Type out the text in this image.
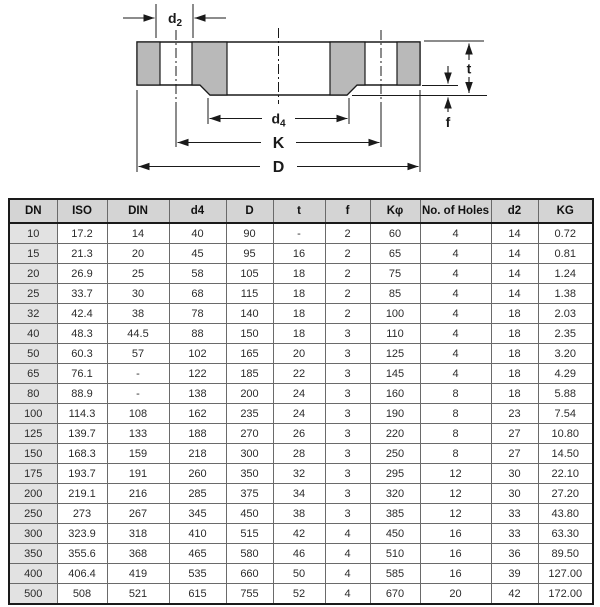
$d_2$
t
f
$d_4$
K
D
DN	ISO	DIN	d4	D	t	f	Kφ	No. of Holes	d2	KG
10	17.2	14	40	90	-	2	60	4	14	0.72
15	21.3	20	45	95	16	2	65	4	14	0.81
20	26.9	25	58	105	18	2	75	4	14	1.24
25	33.7	30	68	115	18	2	85	4	14	1.38
32	42.4	38	78	140	18	2	100	4	18	2.03
40	48.3	44.5	88	150	18	3	110	4	18	2.35
50	60.3	57	102	165	20	3	125	4	18	3.20
65	76.1	-	122	185	22	3	145	4	18	4.29
80	88.9	-	138	200	24	3	160	8	18	5.88
100	114.3	108	162	235	24	3	190	8	23	7.54
125	139.7	133	188	270	26	3	220	8	27	10.80
150	168.3	159	218	300	28	3	250	8	27	14.50
175	193.7	191	260	350	32	3	295	12	30	22.10
200	219.1	216	285	375	34	3	320	12	30	27.20
250	273	267	345	450	38	3	385	12	33	43.80
300	323.9	318	410	515	42	4	450	16	33	63.30
350	355.6	368	465	580	46	4	510	16	36	89.50
400	406.4	419	535	660	50	4	585	16	39	127.00
500	508	521	615	755	52	4	670	20	42	172.00
